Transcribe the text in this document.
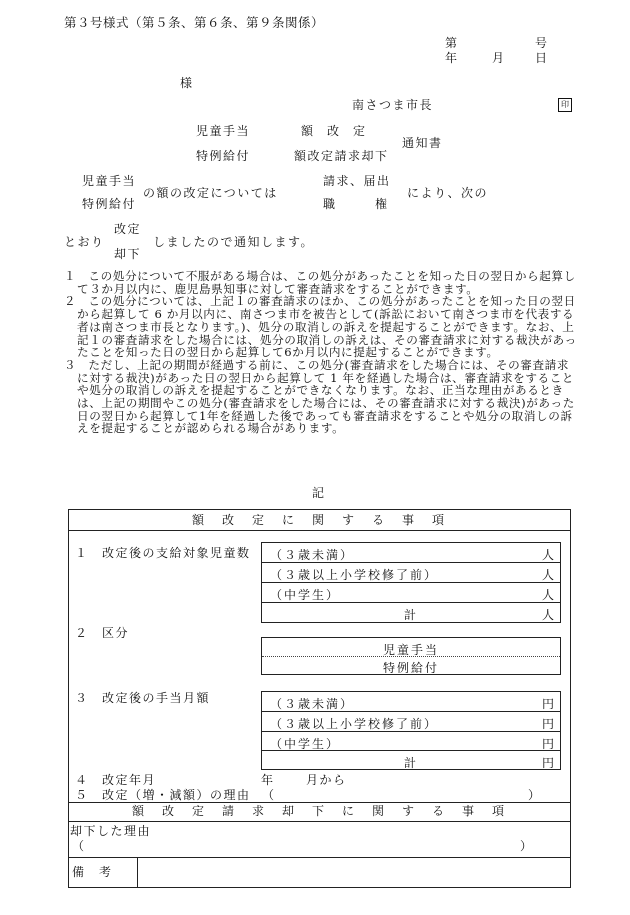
第３号様式（第５条、第６条、第９条関係）
第	号
年	月	日
様
南さつま市長	印
児童手当
特例給付
額　改　定
額改定請求却下
通知書
児童手当
特例給付
の額の改定については
請求、届出
職　　　権
により、次の
とおり
改定
却下
しましたので通知します。

１　この処分について不服がある場合は、この処分があったことを知った日の翌日から起算して３か月以内に、鹿児島県知事に対して審査請求をすることができます。

２　この処分については、上記１の審査請求のほか、この処分があったことを知った日の翌日から起算して 6 か月以内に、南さつま市を被告として(訴訟において南さつま市を代表する者は南さつま市長となります。)、処分の取消しの訴えを提起することができます。なお、上記１の審査請求をした場合には、処分の取消しの訴えは、その審査請求に対する裁決があったことを知った日の翌日から起算して6か月以内に提起することができます。

３　ただし、上記の期間が経過する前に、この処分(審査請求をした場合には、その審査請求に対する裁決)があった日の翌日から起算して 1 年を経過した場合は、審査請求をすることや処分の取消しの訴えを提起することができなくなります。なお、正当な理由があるときは、上記の期間やこの処分(審査請求をした場合には、その審査請求に対する裁決)があった日の翌日から起算して1年を経過した後であっても審査請求をすることや処分の取消しの訴えを提起することが認められる場合があります。

記
額　改　定　に　関　す　る　事　項
１　改定後の支給対象児童数 （３歳未満）	人
（３歳以上小学校修了前）	人
（中学生）	人
計	人
２　区分
児童手当
特例給付
３　改定後の手当月額	（３歳未満）	円
（３歳以上小学校修了前）	円
（中学生）	円
計	円
４　改定年月	年	月から
５　改定（増・減額）の理由 （	）
額　改　定　請　求　却　下　に　関　す　る　事　項
却下した理由
（	）
備　考
